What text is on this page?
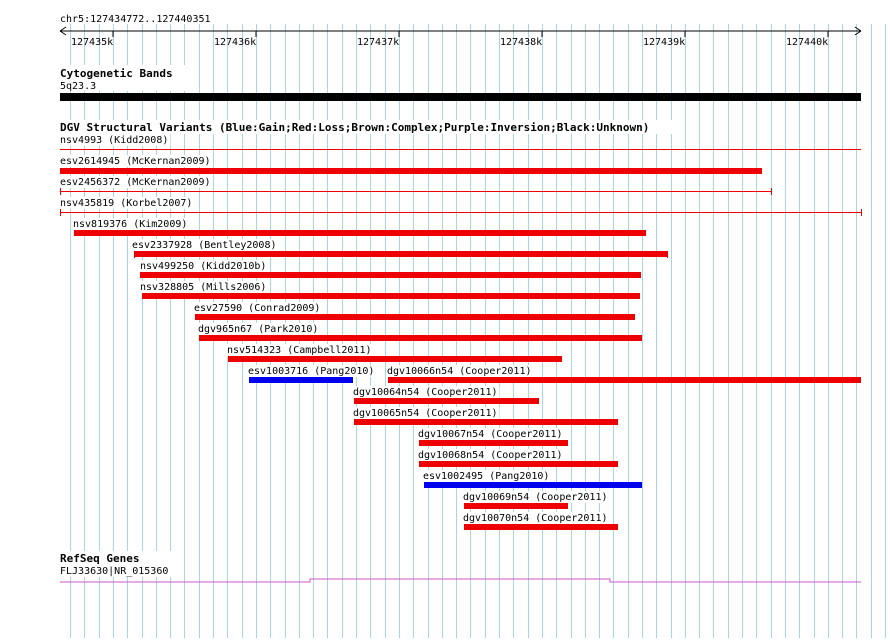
chr5:127434772..127440351
127435k	127436k	127437k	127438k	127439k	127440k
Cytogenetic Bands
5q23.3
DGV Structural Variants (Blue:Gain;Red:Loss;Brown:Complex;Purple:Inversion;Black:Unknown)
nsv4993 (Kidd2008)
esv2614945 (McKernan2009)
esv2456372 (McKernan2009)
nsv435819 (Korbel2007)
nsv819376 (Kim2009)
esv2337928 (Bentley2008)
nsv499250 (Kidd2010b)
nsv328805 (Mills2006)
esv27590 (Conrad2009)
dgv965n67 (Park2010)
nsv514323 (Campbell2011)
esv1003716 (Pang2010) dgv10066n54 (Cooper2011)
dgv10064n54 (Cooper2011)
dgv10065n54 (Cooper2011)
dgv10067n54 (Cooper2011)
dgv10068n54 (Cooper2011)
esv1002495 (Pang2010)
dgv10069n54 (Cooper2011)
dgv10070n54 (Cooper2011)
RefSeq Genes
FLJ33630|NR_015360
